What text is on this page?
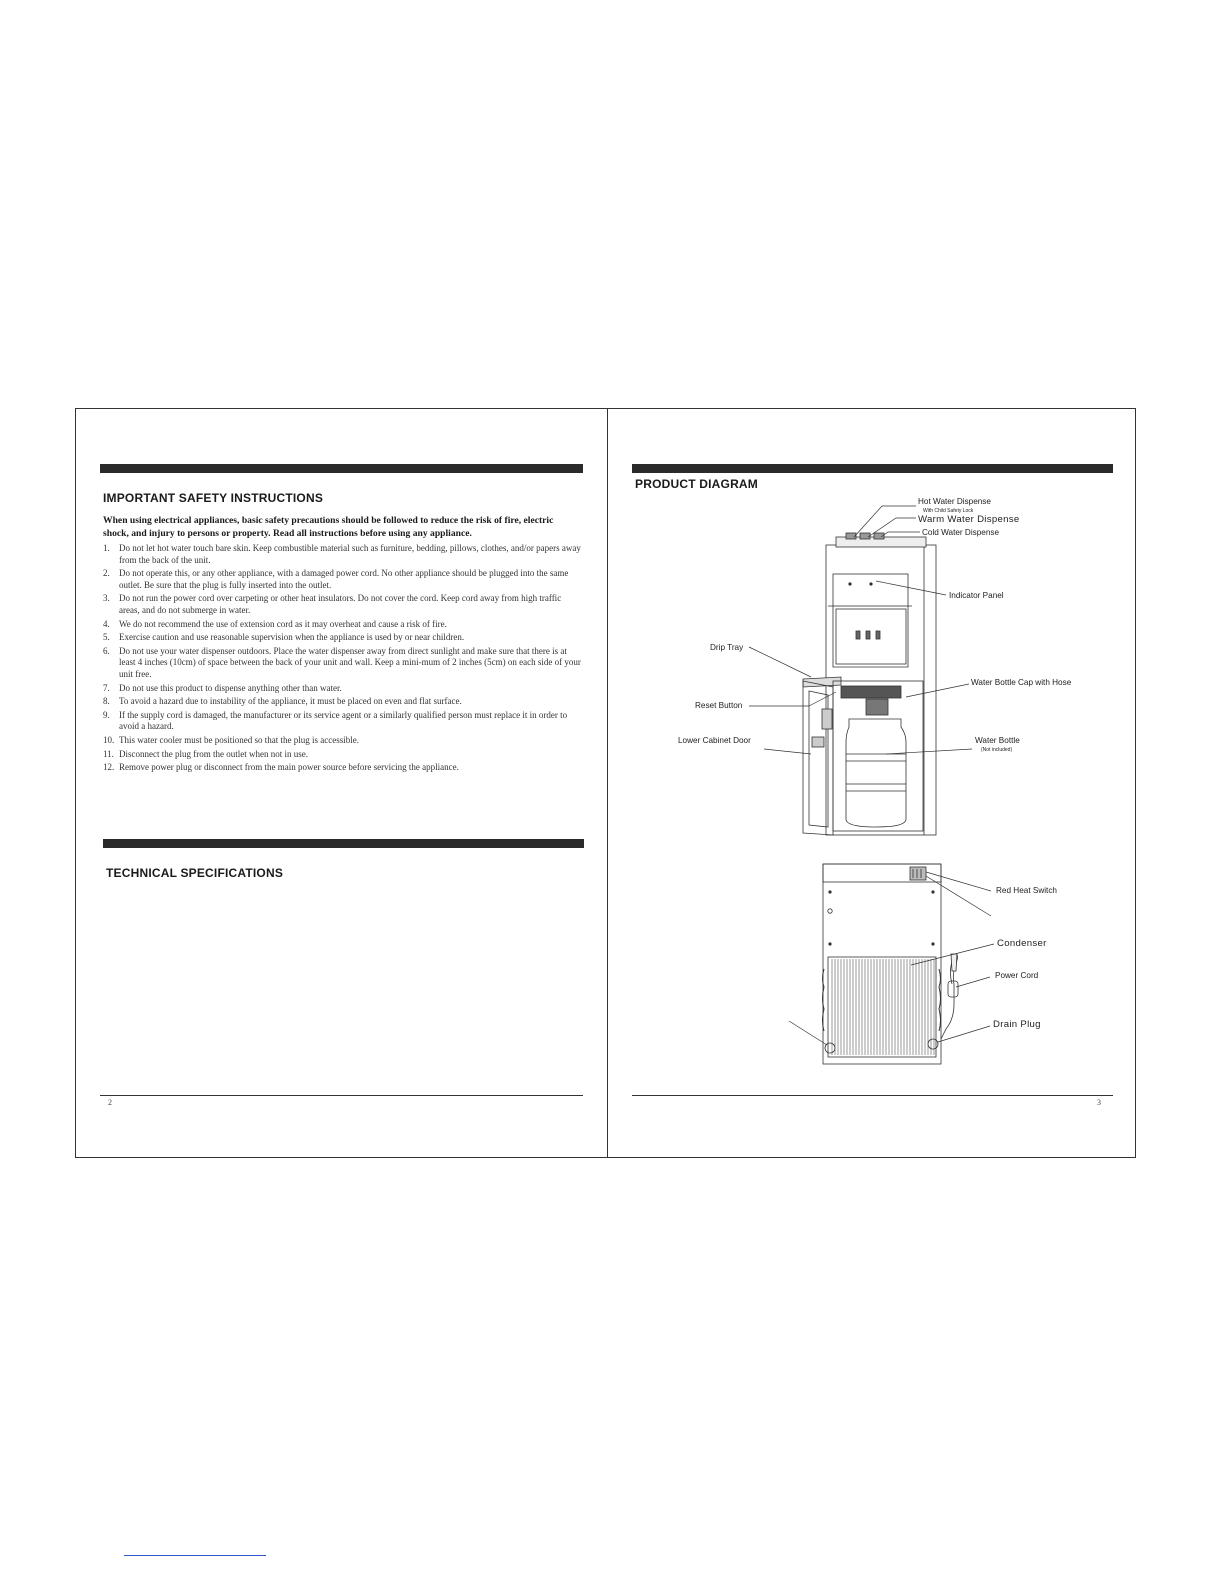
IMPORTANT SAFETY INSTRUCTIONS
When using electrical appliances, basic safety precautions should be followed to reduce the risk of fire, electric shock, and injury to persons or property. Read all instructions before using any appliance.
1. Do not let hot water touch bare skin. Keep combustible material such as furniture, bedding, pillows, clothes, and/or papers away from the back of the unit.
2. Do not operate this, or any other appliance, with a damaged power cord. No other appliance should be plugged into the same outlet. Be sure that the plug is fully inserted into the outlet.
3. Do not run the power cord over carpeting or other heat insulators. Do not cover the cord. Keep cord away from high traffic areas, and do not submerge in water.
4. We do not recommend the use of extension cord as it may overheat and cause a risk of fire.
5. Exercise caution and use reasonable supervision when the appliance is used by or near children.
6. Do not use your water dispenser outdoors. Place the water dispenser away from direct sunlight and make sure that there is at least 4 inches (10cm) of space between the back of your unit and wall. Keep a mini-mum of 2 inches (5cm) on each side of your unit free.
7. Do not use this product to dispense anything other than water.
8. To avoid a hazard due to instability of the appliance, it must be placed on even and flat surface.
9. If the supply cord is damaged, the manufacturer or its service agent or a similarly qualified person must replace it in order to avoid a hazard.
10. This water cooler must be positioned so that the plug is accessible.
11. Disconnect the plug from the outlet when not in use.
12. Remove power plug or disconnect from the main power source before servicing the appliance.
TECHNICAL SPECIFICATIONS
2
PRODUCT DIAGRAM
Hot Water Dispense
With Child Safety Lock
Warm Water Dispense
Cold Water Dispense
Indicator Panel
Drip Tray
Water Bottle Cap with Hose
Reset Button
Lower Cabinet Door	Water Bottle
(Not included)
Red Heat Switch
Condenser
Power Cord
Drain Plug
3
